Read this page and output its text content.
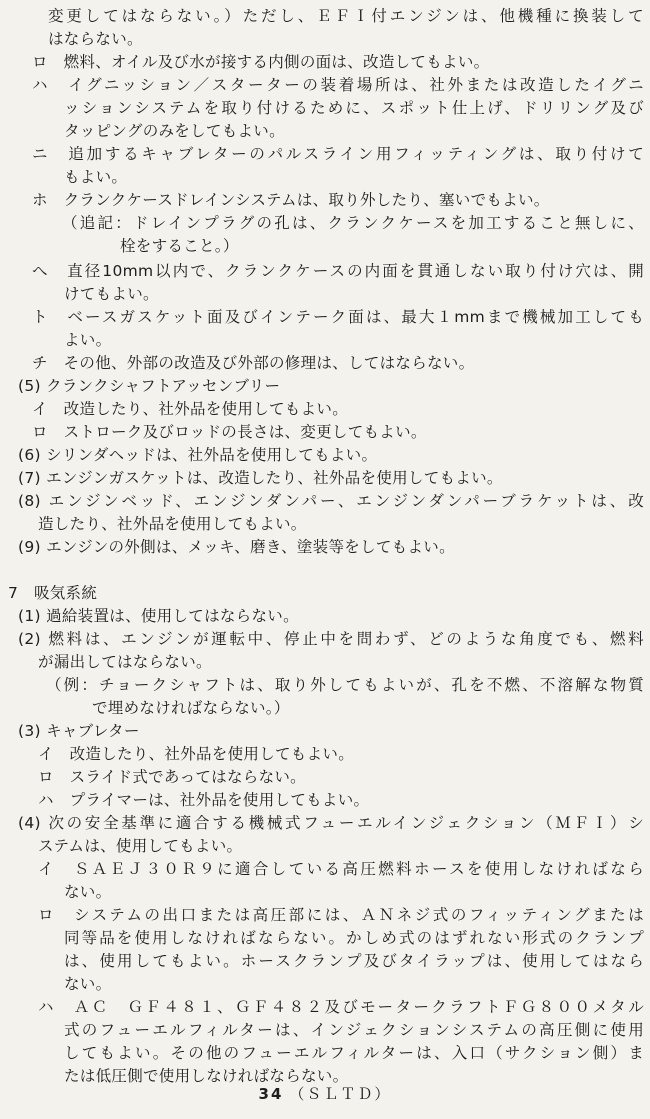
変更してはならない。）ただし、ＥＦＩ付エンジンは、他機種に換装して
はならない。
ロ　燃料、オイル及び水が接する内側の面は、改造してもよい。
ハ　イグニッション／スターターの装着場所は、社外または改造したイグニ
ッションシステムを取り付けるために、スポット仕上げ、ドリリング及び
タッピングのみをしてもよい。
ニ　追加するキャブレターのパルスライン用フィッティングは、取り付けて
もよい。
ホ　クランクケースドレインシステムは、取り外したり、塞いでもよい。
（追記：ドレインプラグの孔は、クランクケースを加工すること無しに、
栓をすること。）
へ　直径10mm以内で、クランクケースの内面を貫通しない取り付け穴は、開
けてもよい。
ト　ベースガスケット面及びインテーク面は、最大１mmまで機械加工しても
よい。
チ　その他、外部の改造及び外部の修理は、してはならない。
(5) クランクシャフトアッセンブリー
イ　改造したり、社外品を使用してもよい。
ロ　ストローク及びロッドの長さは、変更してもよい。
(6) シリンダヘッドは、社外品を使用してもよい。
(7) エンジンガスケットは、改造したり、社外品を使用してもよい。
(8) エンジンベッド、エンジンダンパー、エンジンダンパーブラケットは、改
造したり、社外品を使用してもよい。
(9) エンジンの外側は、メッキ、磨き、塗装等をしてもよい。
7　吸気系統
(1) 過給装置は、使用してはならない。
(2) 燃料は、エンジンが運転中、停止中を問わず、どのような角度でも、燃料
が漏出してはならない。
（例：チョークシャフトは、取り外してもよいが、孔を不燃、不溶解な物質
で埋めなければならない。）
(3) キャブレター
イ　改造したり、社外品を使用してもよい。
ロ　スライド式であってはならない。
ハ　プライマーは、社外品を使用してもよい。
(4) 次の安全基準に適合する機械式フューエルインジェクション（ＭＦＩ）シ
ステムは、使用してもよい。
イ　ＳＡＥＪ３０Ｒ９に適合している高圧燃料ホースを使用しなければなら
ない。
ロ　システムの出口または高圧部には、ＡＮネジ式のフィッティングまたは
同等品を使用しなければならない。かしめ式のはずれない形式のクランプ
は、使用してもよい。ホースクランプ及びタイラップは、使用してはなら
ない。
ハ　ＡＣ　ＧＦ４８１、ＧＦ４８２及びモータークラフトＦＧ８００メタル
式のフューエルフィルターは、インジェクションシステムの高圧側に使用
してもよい。その他のフューエルフィルターは、入口（サクション側）ま
たは低圧側で使用しなければならない。
34 （ＳＬＴＤ）
